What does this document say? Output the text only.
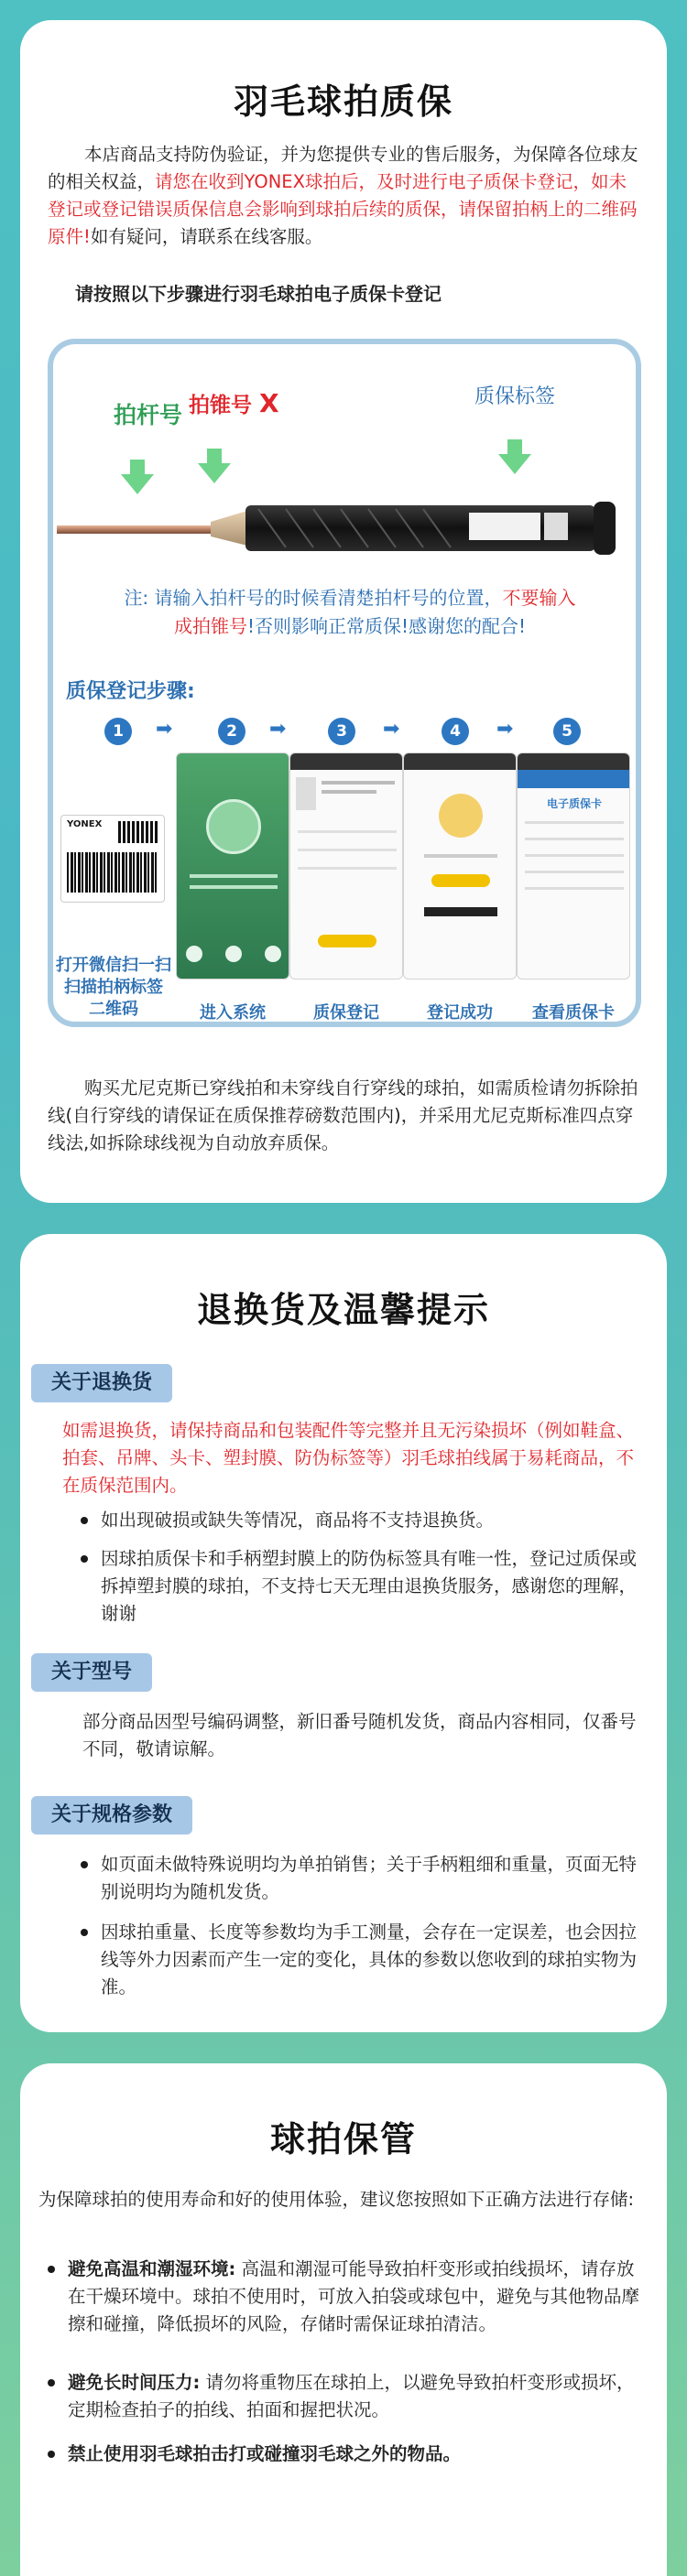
羽毛球拍质保
本店商品支持防伪验证，并为您提供专业的售后服务，为保障各位球友的相关权益，请您在收到YONEX球拍后，及时进行电子质保卡登记，如未登记或登记错误质保信息会影响到球拍后续的质保，请保留拍柄上的二维码原件!如有疑问，请联系在线客服。
请按照以下步骤进行羽毛球拍电子质保卡登记
拍杆号 拍锥号 X	质保标签
注: 请输入拍杆号的时候看清楚拍杆号的位置，不要输入
成拍锥号!否则影响正常质保!感谢您的配合!
质保登记步骤:
1	➡	2	➡	3	➡	4	➡	5
YONEX

打开微信扫一扫 扫描拍柄标签 二维码	进入系统	质保登记	登记成功
电子质保卡
查看质保卡
购买尤尼克斯已穿线拍和未穿线自行穿线的球拍，如需质检请勿拆除拍线(自行穿线的请保证在质保推荐磅数范围内)，并采用尤尼克斯标准四点穿线法,如拆除球线视为自动放弃质保。
退换货及温馨提示
关于退换货
如需退换货，请保持商品和包装配件等完整并且无污染损坏（例如鞋盒、拍套、吊牌、头卡、塑封膜、防伪标签等）羽毛球拍线属于易耗商品，不在质保范围内。
如出现破损或缺失等情况，商品将不支持退换货。
因球拍质保卡和手柄塑封膜上的防伪标签具有唯一性，登记过质保或拆掉塑封膜的球拍，不支持七天无理由退换货服务，感谢您的理解，谢谢
关于型号
部分商品因型号编码调整，新旧番号随机发货，商品内容相同，仅番号不同，敬请谅解。
关于规格参数
如页面未做特殊说明均为单拍销售；关于手柄粗细和重量，页面无特别说明均为随机发货。
因球拍重量、长度等参数均为手工测量，会存在一定误差，也会因拉线等外力因素而产生一定的变化，具体的参数以您收到的球拍实物为准。
球拍保管
为保障球拍的使用寿命和好的使用体验，建议您按照如下正确方法进行存储:
避免高温和潮湿环境: 高温和潮湿可能导致拍杆变形或拍线损坏，请存放在干燥环境中。球拍不使用时，可放入拍袋或球包中，避免与其他物品摩擦和碰撞，降低损坏的风险，存储时需保证球拍清洁。
避免长时间压力: 请勿将重物压在球拍上，以避免导致拍杆变形或损坏，定期检查拍子的拍线、拍面和握把状况。
禁止使用羽毛球拍击打或碰撞羽毛球之外的物品。
